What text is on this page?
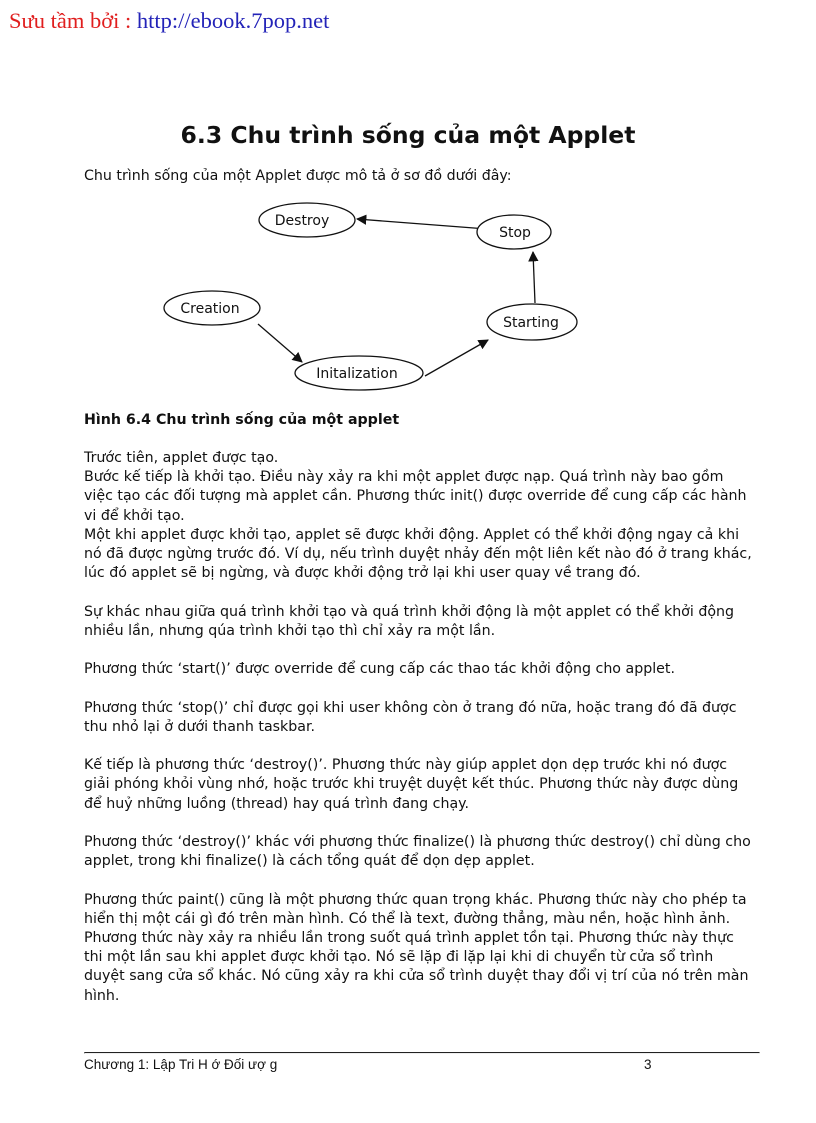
Sưu tầm bởi : http://ebook.7pop.net

6.3 Chu trình sống của một Applet

Chu trình sống của một Applet được mô tả ở sơ đồ dưới đây:

Destroy
Stop
Creation
Starting
Initalization

Hình 6.4 Chu trình sống của một applet

Trước tiên, applet được tạo.

Bước kế tiếp là khởi tạo. Điều này xảy ra khi một applet được nạp. Quá trình này bao gồm việc tạo các đối tượng mà applet cần. Phương thức init() được override để cung cấp các hành vi để khởi tạo.

Một khi applet được khởi tạo, applet sẽ được khởi động. Applet có thể khởi động ngay cả khi nó đã được ngừng trước đó. Ví dụ, nếu trình duyệt nhảy đến một liên kết nào đó ở trang khác, lúc đó applet sẽ bị ngừng, và được khởi động trở lại khi user quay về trang đó.

Sự khác nhau giữa quá trình khởi tạo và quá trình khởi động là một applet có thể khởi động nhiều lần, nhưng qúa trình khởi tạo thì chỉ xảy ra một lần.

Phương thức ‘start()’ được override để cung cấp các thao tác khởi động cho applet.

Phương thức ‘stop()’ chỉ được gọi khi user không còn ở trang đó nữa, hoặc trang đó đã được thu nhỏ lại ở dưới thanh taskbar.

Kế tiếp là phương thức ‘destroy()’. Phương thức này giúp applet dọn dẹp trước khi nó được giải phóng khỏi vùng nhớ, hoặc trước khi truyệt duyệt kết thúc. Phương thức này được dùng để huỷ những luồng (thread) hay quá trình đang chạy.

Phương thức ‘destroy()’ khác với phương thức finalize() là phương thức destroy() chỉ dùng cho applet, trong khi finalize() là cách tổng quát để dọn dẹp applet.

Phương thức paint() cũng là một phương thức quan trọng khác. Phương thức này cho phép ta hiển thị một cái gì đó trên màn hình. Có thể là text, đường thẳng, màu nền, hoặc hình ảnh. Phương thức này xảy ra nhiều lần trong suốt quá trình applet tồn tại. Phương thức này thực thi một lần sau khi applet được khởi tạo. Nó sẽ lặp đi lặp lại khi di chuyển từ cửa sổ trình duyệt sang cửa sổ khác. Nó cũng xảy ra khi cửa sổ trình duyệt thay đổi vị trí của nó trên màn hình.

Chương 1: Lập Tri H ớ Đối ượ g	3
